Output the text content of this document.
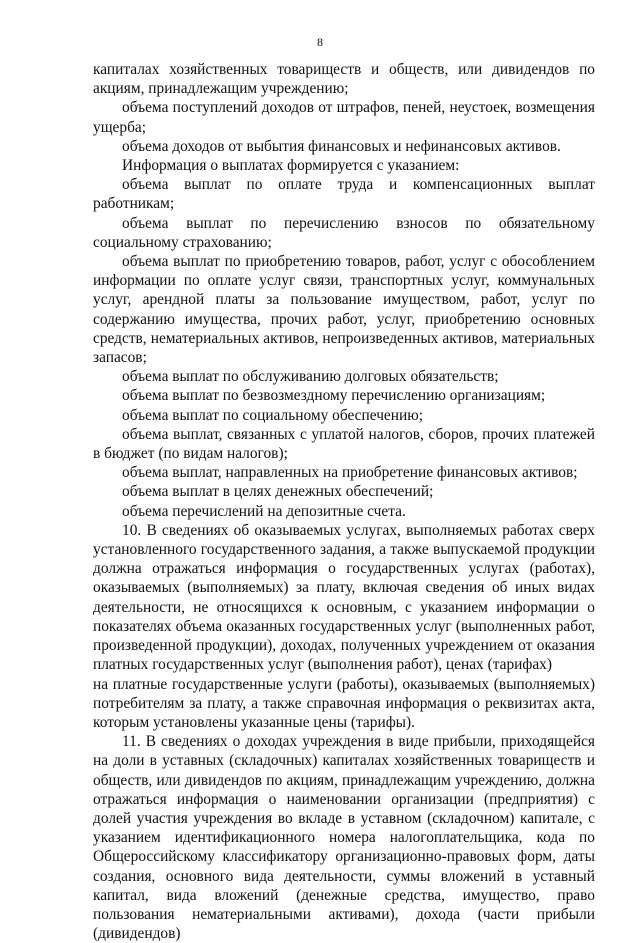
8

капиталах хозяйственных товариществ и обществ, или дивидендов по акциям, принадлежащим учреждению;

объема поступлений доходов от штрафов, пеней, неустоек, возмещения ущерба;

объема доходов от выбытия финансовых и нефинансовых активов.

Информация о выплатах формируется с указанием:

объема выплат по оплате труда и компенсационных выплат работникам;

объема выплат по перечислению взносов по обязательному социальному страхованию;

объема выплат по приобретению товаров, работ, услуг с обособлением информации по оплате услуг связи, транспортных услуг, коммунальных услуг, арендной платы за пользование имуществом, работ, услуг по содержанию имущества, прочих работ, услуг, приобретению основных средств, нематериальных активов, непроизведенных активов, материальных запасов;

объема выплат по обслуживанию долговых обязательств;

объема выплат по безвозмездному перечислению организациям;

объема выплат по социальному обеспечению;

объема выплат, связанных с уплатой налогов, сборов, прочих платежей в бюджет (по видам налогов);

объема выплат, направленных на приобретение финансовых активов;

объема выплат в целях денежных обеспечений;

объема перечислений на депозитные счета.

10. В сведениях об оказываемых услугах, выполняемых работах сверх установленного государственного задания, а также выпускаемой продукции должна отражаться информация о государственных услугах (работах), оказываемых (выполняемых) за плату, включая сведения об иных видах деятельности, не относящихся к основным, с указанием информации о показателях объема оказанных государственных услуг (выполненных работ, произведенной продукции), доходах, полученных учреждением от оказания платных государственных услуг (выполнения работ), ценах (тарифах)

на платные государственные услуги (работы), оказываемых (выполняемых) потребителям за плату, а также справочная информация о реквизитах акта, которым установлены указанные цены (тарифы).

11. В сведениях о доходах учреждения в виде прибыли, приходящейся на доли в уставных (складочных) капиталах хозяйственных товариществ и обществ, или дивидендов по акциям, принадлежащим учреждению, должна отражаться информация о наименовании организации (предприятия) с долей участия учреждения во вкладе в уставном (складочном) капитале, с указанием идентификационного номера налогоплательщика, кода по Общероссийскому классификатору организационно-правовых форм, даты создания, основного вида деятельности, суммы вложений в уставный капитал, вида вложений (денежные средства, имущество, право пользования нематериальными активами), дохода (части прибыли (дивидендов)
